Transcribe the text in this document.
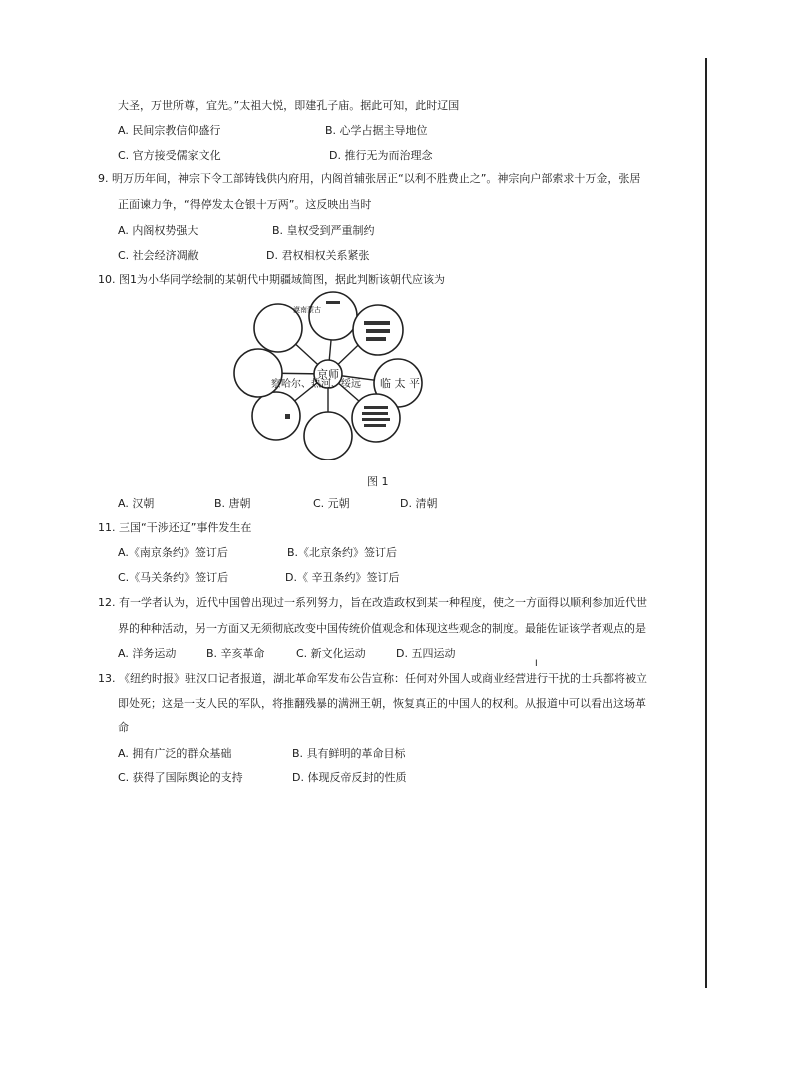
大圣，万世所尊，宜先。”太祖大悦，即建孔子庙。据此可知，此时辽国
A. 民间宗教信仰盛行	B. 心学占据主导地位
C. 官方接受儒家文化	D. 推行无为而治理念
9. 明万历年间，神宗下令工部铸钱供内府用，内阁首辅张居正“以利不胜费止之”。神宗向户部索求十万金，张居
正面谏力争，“得停发太仓银十万两”。这反映出当时
A. 内阁权势强大	B. 皇权受到严重制约
C. 社会经济凋敝	D. 君权相权关系紧张
10. 图1为小华同学绘制的某朝代中期疆域简图，据此判断该朝代应该为
京师
察哈尔、热河、绥远
漠南蒙古
临 太 平
图 1
A. 汉朝	B. 唐朝	C. 元朝	D. 清朝
11. 三国“干涉还辽”事件发生在
A.《南京条约》签订后	B.《北京条约》签订后
C.《马关条约》签订后	D.《 辛丑条约》签订后
12. 有一学者认为，近代中国曾出现过一系列努力，旨在改造政权到某一种程度，使之一方面得以顺利参加近代世
界的种种活动，另一方面又无须彻底改变中国传统价值观念和体现这些观念的制度。最能佐证该学者观点的是
A. 洋务运动	B. 辛亥革命	C. 新文化运动	D. 五四运动
I
13. 《纽约时报》驻汉口记者报道，湖北革命军发布公告宣称：任何对外国人或商业经营进行干扰的士兵都将被立
即处死；这是一支人民的军队，将推翻残暴的满洲王朝，恢复真正的中国人的权利。从报道中可以看出这场革
命
A. 拥有广泛的群众基础	B. 具有鲜明的革命目标
C. 获得了国际舆论的支持	D. 体现反帝反封的性质
